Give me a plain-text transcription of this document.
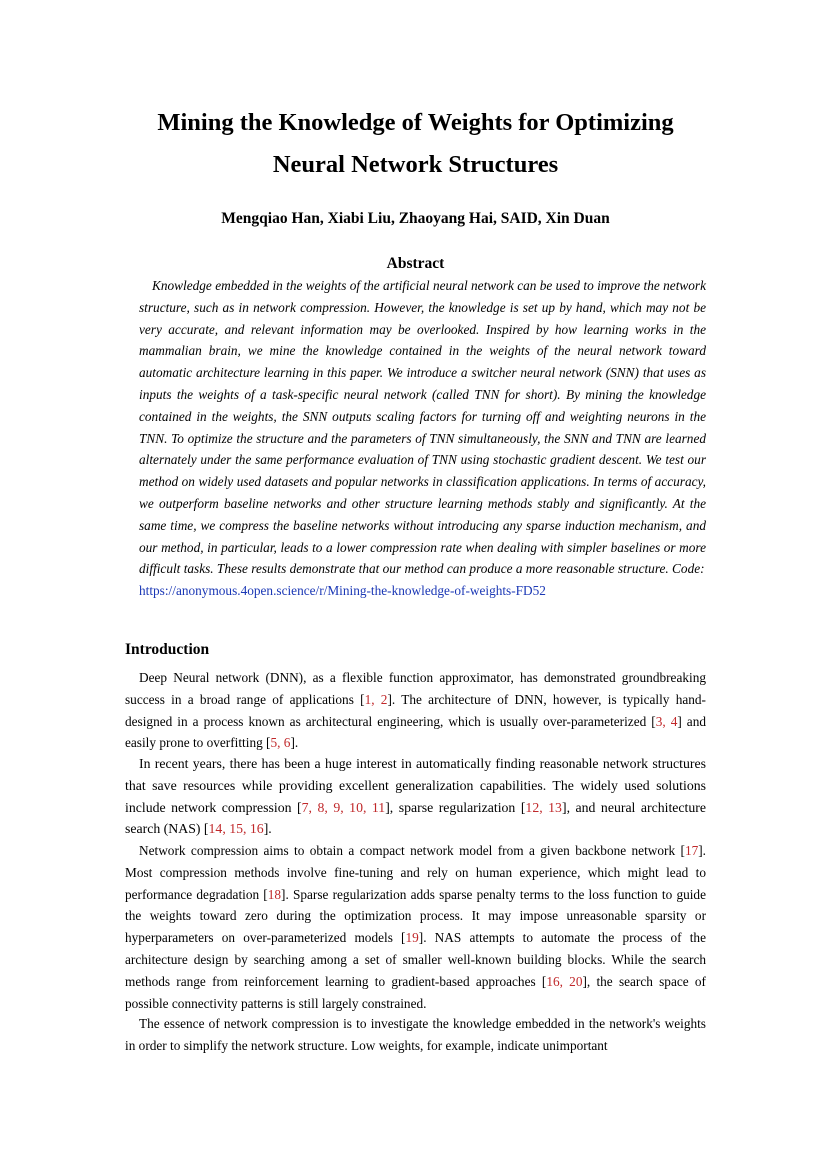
Mining the Knowledge of Weights for Optimizing
Neural Network Structures

Mengqiao Han, Xiabi Liu, Zhaoyang Hai, SAID, Xin Duan

Abstract

Knowledge embedded in the weights of the artificial neural network can be used to improve the network structure, such as in network compression. However, the knowledge is set up by hand, which may not be very accurate, and relevant information may be overlooked. Inspired by how learning works in the mammalian brain, we mine the knowledge contained in the weights of the neural network toward automatic architecture learning in this paper. We introduce a switcher neural network (SNN) that uses as inputs the weights of a task-specific neural network (called TNN for short). By mining the knowledge contained in the weights, the SNN outputs scaling factors for turning off and weighting neurons in the TNN. To optimize the structure and the parameters of TNN simultaneously, the SNN and TNN are learned alternately under the same performance evaluation of TNN using stochastic gradient descent. We test our method on widely used datasets and popular networks in classification applications. In terms of accuracy, we outperform baseline networks and other structure learning methods stably and significantly. At the same time, we compress the baseline networks without introducing any sparse induction mechanism, and our method, in particular, leads to a lower compression rate when dealing with simpler baselines or more difficult tasks. These results demonstrate that our method can produce a more reasonable structure. Code:
https://anonymous.4open.science/r/Mining-the-knowledge-of-weights-FD52

Introduction

Deep Neural network (DNN), as a flexible function approximator, has demonstrated groundbreaking success in a broad range of applications [1, 2]. The architecture of DNN, however, is typically hand-designed in a process known as architectural engineering, which is usually over-parameterized [3, 4] and easily prone to overfitting [5, 6].

In recent years, there has been a huge interest in automatically finding reasonable network structures that save resources while providing excellent generalization capabilities. The widely used solutions include network compression [7, 8, 9, 10, 11], sparse regularization [12, 13], and neural architecture search (NAS) [14, 15, 16].

Network compression aims to obtain a compact network model from a given backbone network [17]. Most compression methods involve fine-tuning and rely on human experience, which might lead to performance degradation [18]. Sparse regularization adds sparse penalty terms to the loss function to guide the weights toward zero during the optimization process. It may impose unreasonable sparsity or hyperparameters on over-parameterized models [19]. NAS attempts to automate the process of the architecture design by searching among a set of smaller well-known building blocks. While the search methods range from reinforcement learning to gradient-based approaches [16, 20], the search space of possible connectivity patterns is still largely constrained.

The essence of network compression is to investigate the knowledge embedded in the network's weights in order to simplify the network structure. Low weights, for example, indicate unimportant
